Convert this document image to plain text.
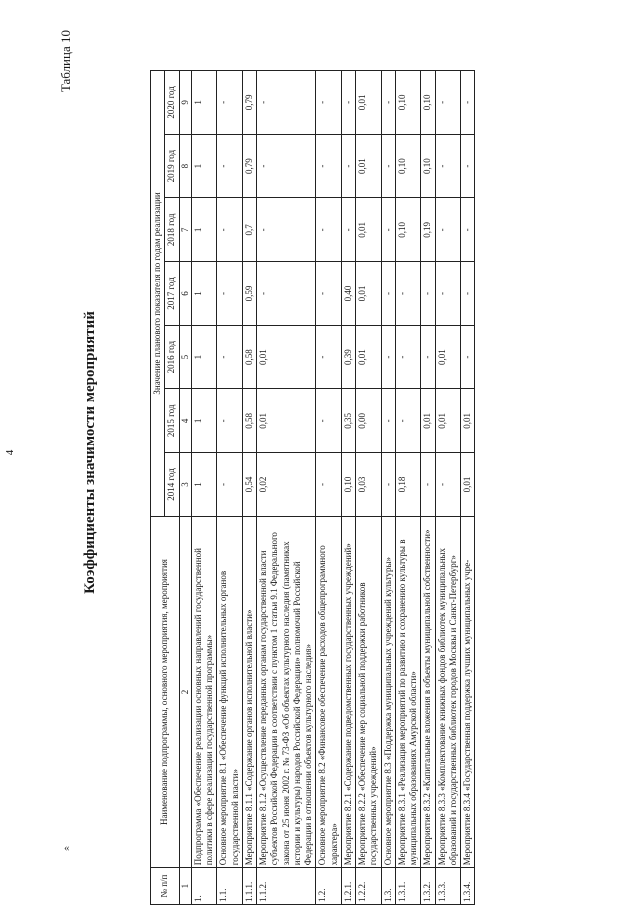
«
Таблица 10
Коэффициенты значимости мероприятий
4
№ п/п	Наименование подпрограммы, основного мероприятия, мероприятия	Значение планового показателя по годам реализации						
		2014 год	2015 год	2016 год	2017 год	2018 год	2019 год	2020 год
1	2	3	4	5	6	7	8	9
1.	Подпрограмма «Обеспечение реализации основных направлений государственной политики в сфере реализации государственной программы»	1	1	1	1	1	1	1
1.1.	Основное мероприятие 8.1 «Обеспечение функций исполнительных органов государственной власти»	-	-	-	-	-	-	-
1.1.1.	Мероприятие 8.1.1 «Содержание органов исполнительной власти»	0,54	0,58	0,58	0,59	0,7	0,79	0,79
1.1.2.	Мероприятие 8.1.2 «Осуществление переданных органам государственной власти субъектов Российской Федерации в соответствии с пунктом 1 статьи 9.1 Федерального закона от 25 июня 2002 г. № 73-ФЗ «Об объектах культурного наследия (памятниках истории и культуры) народов Российской Федерации» полномочий Российской Федерации в отношении объектов культурного наследия»	0,02	0,01	0,01	-	-	-	-
1.2.	Основное мероприятие 8.2 «Финансовое обеспечение расходов общепрограммного характера»	-	-	-	-	-	-	-
1.2.1.	Мероприятие 8.2.1 «Содержание подведомственных государственных учреждений»	0,10	0,35	0,39	0,40	-	-	-
1.2.2.	Мероприятие 8.2.2 «Обеспечение мер социальной поддержки работников государственных учреждений»	0,03	0,00	0,01	0,01	0,01	0,01	0,01
1.3.	Основное мероприятие 8.3 «Поддержка муниципальных учреждений культуры»	-	-	-	-	-	-	-
1.3.1.	Мероприятие 8.3.1 «Реализация мероприятий по развитию и сохранению культуры в муниципальных образованиях Амурской области»	0,18	-	-	-	0,10	0,10	0,10
1.3.2.	Мероприятие 8.3.2 «Капитальные вложения в объекты муниципальной собственности»	-	0,01	-	-	0,19	0,10	0,10
1.3.3.	Мероприятие 8.3.3 «Комплектование книжных фондов библиотек муниципальных образований и государственных библиотек городов Москвы и Санкт-Петербург»	-	0,01	0,01	-	-	-	-
1.3.4.	Мероприятие 8.3.4 «Государственная поддержка лучших муниципальных учре-	0,01	0,01	-	-	-	-	-
